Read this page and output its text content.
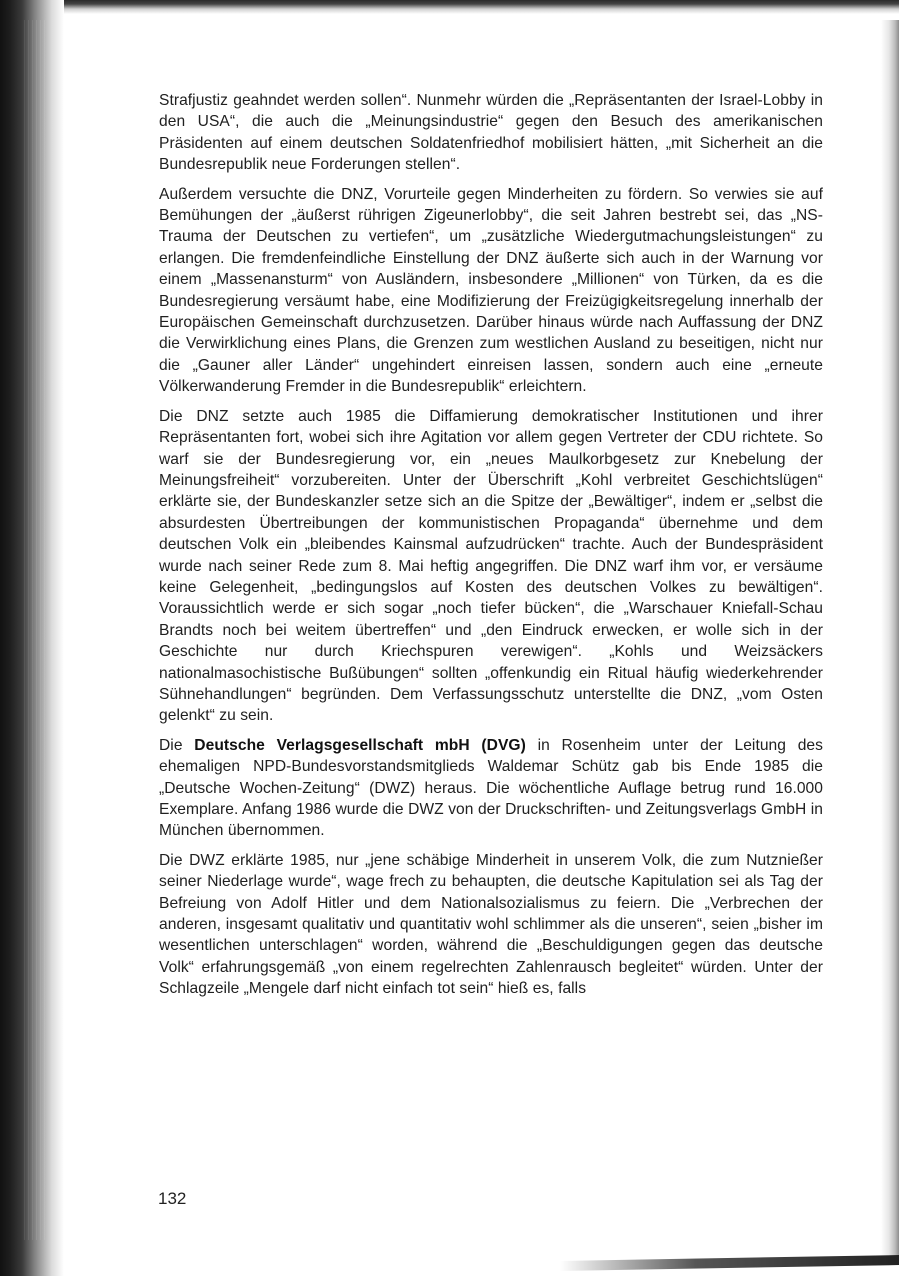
Strafjustiz geahndet werden sollen“. Nunmehr würden die „Repräsentanten der Israel-Lobby in den USA“, die auch die „Meinungsindustrie“ gegen den Besuch des amerikanischen Präsidenten auf einem deutschen Soldatenfriedhof mobilisiert hätten, „mit Sicherheit an die Bundesrepublik neue Forderungen stellen“.

Außerdem versuchte die DNZ, Vorurteile gegen Minderheiten zu fördern. So verwies sie auf Bemühungen der „äußerst rührigen Zigeunerlobby“, die seit Jahren bestrebt sei, das „NS-Trauma der Deutschen zu vertiefen“, um „zusätzliche Wiedergutmachungsleistungen“ zu erlangen. Die fremdenfeindliche Einstellung der DNZ äußerte sich auch in der Warnung vor einem „Massenansturm“ von Ausländern, insbesondere „Millionen“ von Türken, da es die Bundesregierung versäumt habe, eine Modifizierung der Freizügigkeitsregelung innerhalb der Europäischen Gemeinschaft durchzusetzen. Darüber hinaus würde nach Auffassung der DNZ die Verwirklichung eines Plans, die Grenzen zum westlichen Ausland zu beseitigen, nicht nur die „Gauner aller Länder“ ungehindert einreisen lassen, sondern auch eine „erneute Völkerwanderung Fremder in die Bundesrepublik“ erleichtern.

Die DNZ setzte auch 1985 die Diffamierung demokratischer Institutionen und ihrer Repräsentanten fort, wobei sich ihre Agitation vor allem gegen Vertreter der CDU richtete. So warf sie der Bundesregierung vor, ein „neues Maulkorbgesetz zur Knebelung der Meinungsfreiheit“ vorzubereiten. Unter der Überschrift „Kohl verbreitet Geschichtslügen“ erklärte sie, der Bundeskanzler setze sich an die Spitze der „Bewältiger“, indem er „selbst die absurdesten Übertreibungen der kommunistischen Propaganda“ übernehme und dem deutschen Volk ein „bleibendes Kainsmal aufzudrücken“ trachte. Auch der Bundespräsident wurde nach seiner Rede zum 8. Mai heftig angegriffen. Die DNZ warf ihm vor, er versäume keine Gelegenheit, „bedingungslos auf Kosten des deutschen Volkes zu bewältigen“. Voraussichtlich werde er sich sogar „noch tiefer bücken“, die „Warschauer Kniefall-Schau Brandts noch bei weitem übertreffen“ und „den Eindruck erwecken, er wolle sich in der Geschichte nur durch Kriechspuren verewigen“. „Kohls und Weizsäckers nationalmasochistische Bußübungen“ sollten „offenkundig ein Ritual häufig wiederkehrender Sühnehandlungen“ begründen. Dem Verfassungsschutz unterstellte die DNZ, „vom Osten gelenkt“ zu sein.

Die Deutsche Verlagsgesellschaft mbH (DVG) in Rosenheim unter der Leitung des ehemaligen NPD-Bundesvorstandsmitglieds Waldemar Schütz gab bis Ende 1985 die „Deutsche Wochen-Zeitung“ (DWZ) heraus. Die wöchentliche Auflage betrug rund 16.000 Exemplare. Anfang 1986 wurde die DWZ von der Druckschriften- und Zeitungsverlags GmbH in München übernommen.

Die DWZ erklärte 1985, nur „jene schäbige Minderheit in unserem Volk, die zum Nutznießer seiner Niederlage wurde“, wage frech zu behaupten, die deutsche Kapitulation sei als Tag der Befreiung von Adolf Hitler und dem Nationalsozialismus zu feiern. Die „Verbrechen der anderen, insgesamt qualitativ und quantitativ wohl schlimmer als die unseren“, seien „bisher im wesentlichen unterschlagen“ worden, während die „Beschuldigungen gegen das deutsche Volk“ erfahrungsgemäß „von einem regelrechten Zahlenrausch begleitet“ würden. Unter der Schlagzeile „Mengele darf nicht einfach tot sein“ hieß es, falls

132
